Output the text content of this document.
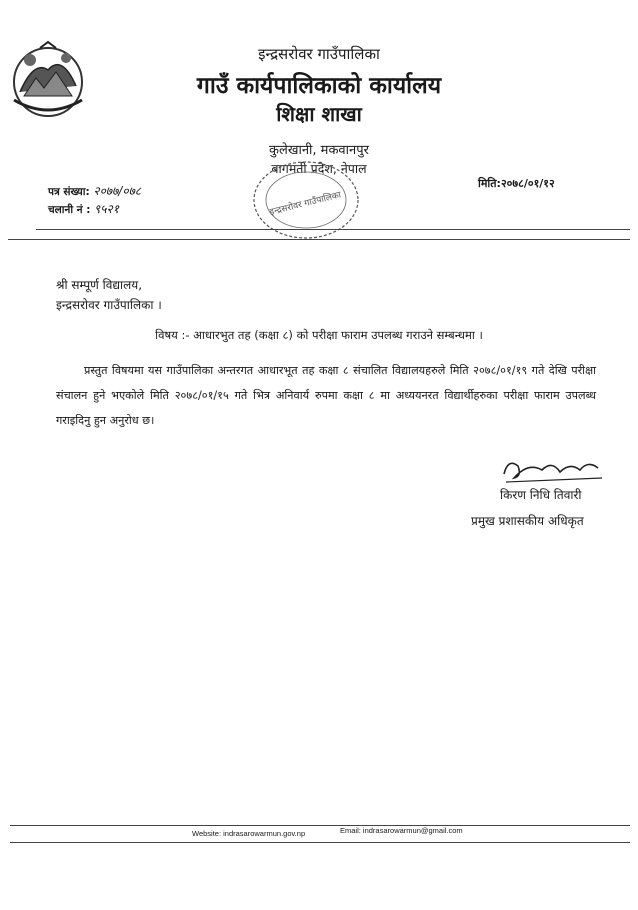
इन्द्रसरोवर गाउँपालिका
गाउँ कार्यपालिकाको कार्यालय
शिक्षा शाखा
कुलेखानी, मकवानपुर
बागमती प्रदेश, नेपाल
पत्र संख्या: २०७७/०७८
चलानी नं : ९५२१
मिति:२०७८/०१/१२
इन्द्रसरोवर गाउँपालिका
श्री सम्पूर्ण विद्यालय,
इन्द्रसरोवर गाउँपालिका ।
विषय :- आधारभुत तह (कक्षा ८) को परीक्षा फाराम उपलब्ध गराउने सम्बन्धमा ।
प्रस्तुत विषयमा यस गाउँपालिका अन्तरगत आधारभूत तह कक्षा ८ संचालित विद्यालयहरुले मिति २०७८/०१/१९ गते देखि परीक्षा संचालन हुने भएकोले मिति २०७८/०१/१५ गते भित्र अनिवार्य रुपमा कक्षा ८ मा अध्ययनरत विद्यार्थीहरुका परीक्षा फाराम उपलब्ध गराइदिनु हुन अनुरोध छ।
किरण निधि तिवारी
प्रमुख प्रशासकीय अधिकृत
Website: indrasarowarmun.gov.np	Email: indrasarowarmun@gmail.com
